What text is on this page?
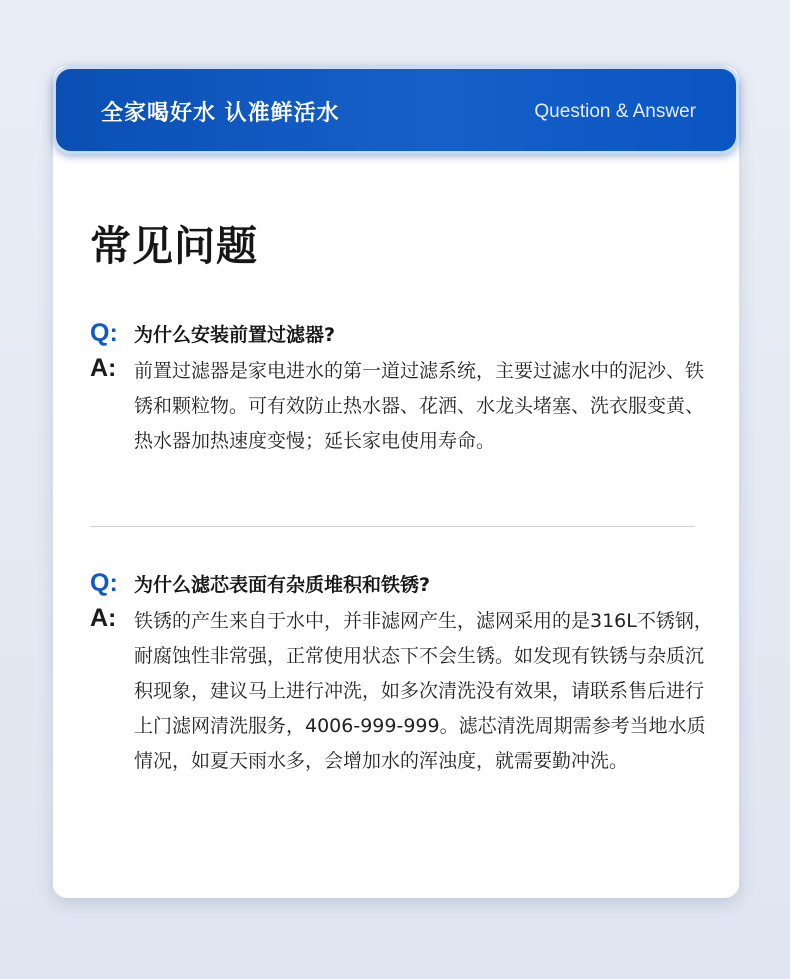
全家喝好水 认准鲜活水	Question & Answer
常见问题
Q: 为什么安装前置过滤器?
A: 前置过滤器是家电进水的第一道过滤系统，主要过滤水中的泥沙、铁锈和颗粒物。可有效防止热水器、花洒、水龙头堵塞、洗衣服变黄、热水器加热速度变慢；延长家电使用寿命。
Q: 为什么滤芯表面有杂质堆积和铁锈?
A: 铁锈的产生来自于水中，并非滤网产生，滤网采用的是316L不锈钢，耐腐蚀性非常强，正常使用状态下不会生锈。如发现有铁锈与杂质沉积现象，建议马上进行冲洗，如多次清洗没有效果，请联系售后进行上门滤网清洗服务，4006-999-999。滤芯清洗周期需参考当地水质情况，如夏天雨水多，会增加水的浑浊度，就需要勤冲洗。
